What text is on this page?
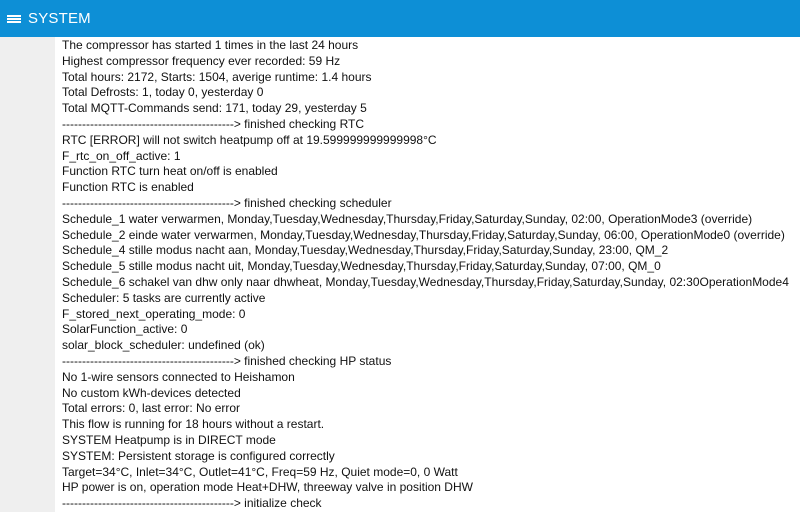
SYSTEM
The compressor has started 1 times in the last 24 hours
Highest compressor frequency ever recorded: 59 Hz
Total hours: 2172, Starts: 1504, averige runtime: 1.4 hours
Total Defrosts: 1, today 0, yesterday 0
Total MQTT-Commands send: 171, today 29, yesterday 5
-------------------------------------------> finished checking RTC
RTC [ERROR] will not switch heatpump off at 19.599999999999998°C
F_rtc_on_off_active: 1
Function RTC turn heat on/off is enabled
Function RTC is enabled
-------------------------------------------> finished checking scheduler
Schedule_1 water verwarmen, Monday,Tuesday,Wednesday,Thursday,Friday,Saturday,Sunday, 02:00, OperationMode3 (override)
Schedule_2 einde water verwarmen, Monday,Tuesday,Wednesday,Thursday,Friday,Saturday,Sunday, 06:00, OperationMode0 (override)
Schedule_4 stille modus nacht aan, Monday,Tuesday,Wednesday,Thursday,Friday,Saturday,Sunday, 23:00, QM_2
Schedule_5 stille modus nacht uit, Monday,Tuesday,Wednesday,Thursday,Friday,Saturday,Sunday, 07:00, QM_0
Schedule_6 schakel van dhw only naar dhwheat, Monday,Tuesday,Wednesday,Thursday,Friday,Saturday,Sunday, 02:30OperationMode4
Scheduler: 5 tasks are currently active
F_stored_next_operating_mode: 0
SolarFunction_active: 0
solar_block_scheduler: undefined (ok)
-------------------------------------------> finished checking HP status
No 1-wire sensors connected to Heishamon
No custom kWh-devices detected
Total errors: 0, last error: No error
This flow is running for 18 hours without a restart.
SYSTEM Heatpump is in DIRECT mode
SYSTEM: Persistent storage is configured correctly
Target=34°C, Inlet=34°C, Outlet=41°C, Freq=59 Hz, Quiet mode=0, 0 Watt
HP power is on, operation mode Heat+DHW, threeway valve in position DHW
-------------------------------------------> initialize check
